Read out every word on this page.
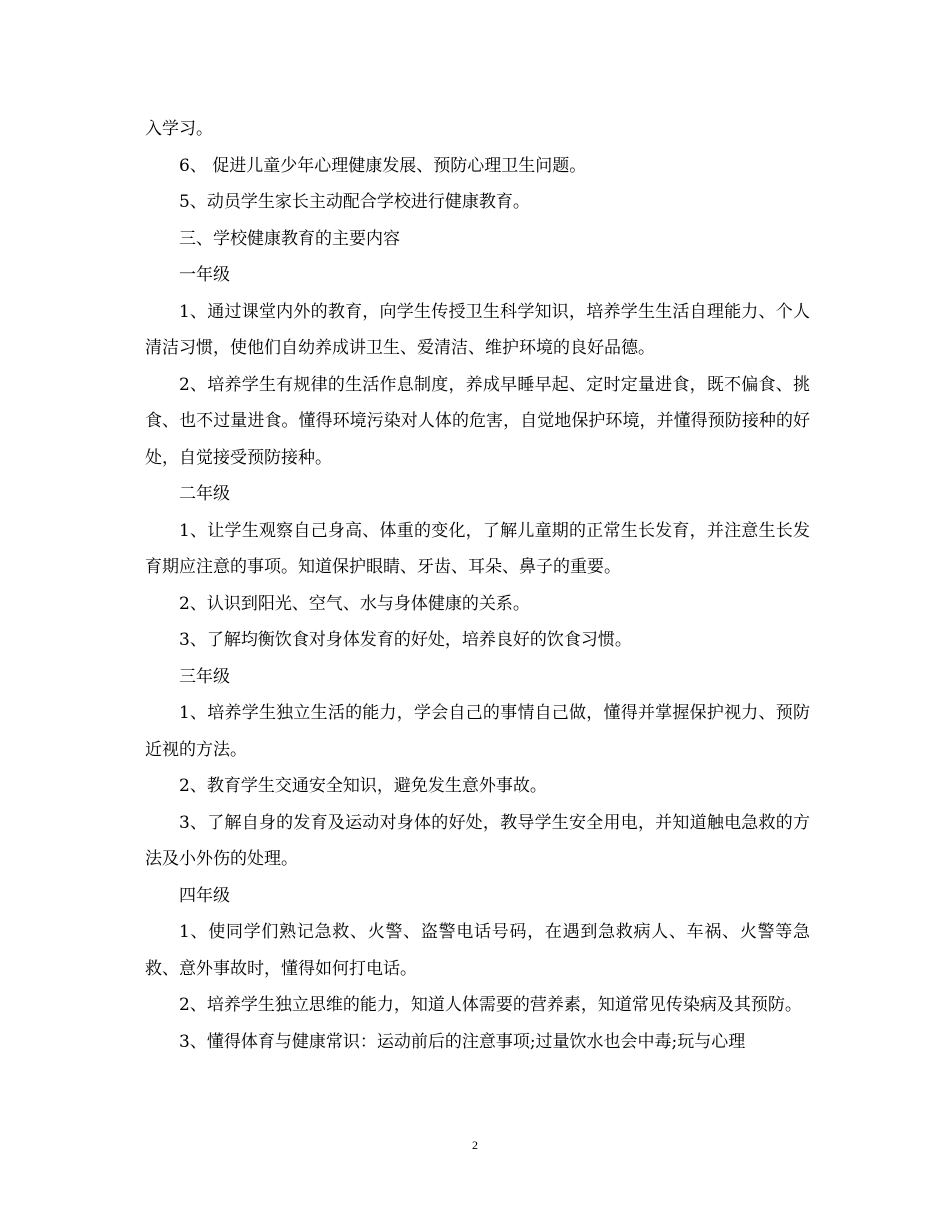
入学习。

6、 促进儿童少年心理健康发展、预防心理卫生问题。

5、动员学生家长主动配合学校进行健康教育。

三、学校健康教育的主要内容

一年级

1、通过课堂内外的教育，向学生传授卫生科学知识，培养学生生活自理能力、个人清洁习惯，使他们自幼养成讲卫生、爱清洁、维护环境的良好品德。

2、培养学生有规律的生活作息制度，养成早睡早起、定时定量进食，既不偏食、挑食、也不过量进食。懂得环境污染对人体的危害，自觉地保护环境，并懂得预防接种的好处，自觉接受预防接种。

二年级

1、让学生观察自己身高、体重的变化，了解儿童期的正常生长发育，并注意生长发育期应注意的事项。知道保护眼睛、牙齿、耳朵、鼻子的重要。

2、认识到阳光、空气、水与身体健康的关系。

3、了解均衡饮食对身体发育的好处，培养良好的饮食习惯。

三年级

1、培养学生独立生活的能力，学会自己的事情自己做，懂得并掌握保护视力、预防近视的方法。

2、教育学生交通安全知识，避免发生意外事故。

3、了解自身的发育及运动对身体的好处，教导学生安全用电，并知道触电急救的方法及小外伤的处理。

四年级

1、使同学们熟记急救、火警、盗警电话号码，在遇到急救病人、车祸、火警等急救、意外事故时，懂得如何打电话。

2、培养学生独立思维的能力，知道人体需要的营养素，知道常见传染病及其预防。

3、懂得体育与健康常识：运动前后的注意事项;过量饮水也会中毒;玩与心理

2
